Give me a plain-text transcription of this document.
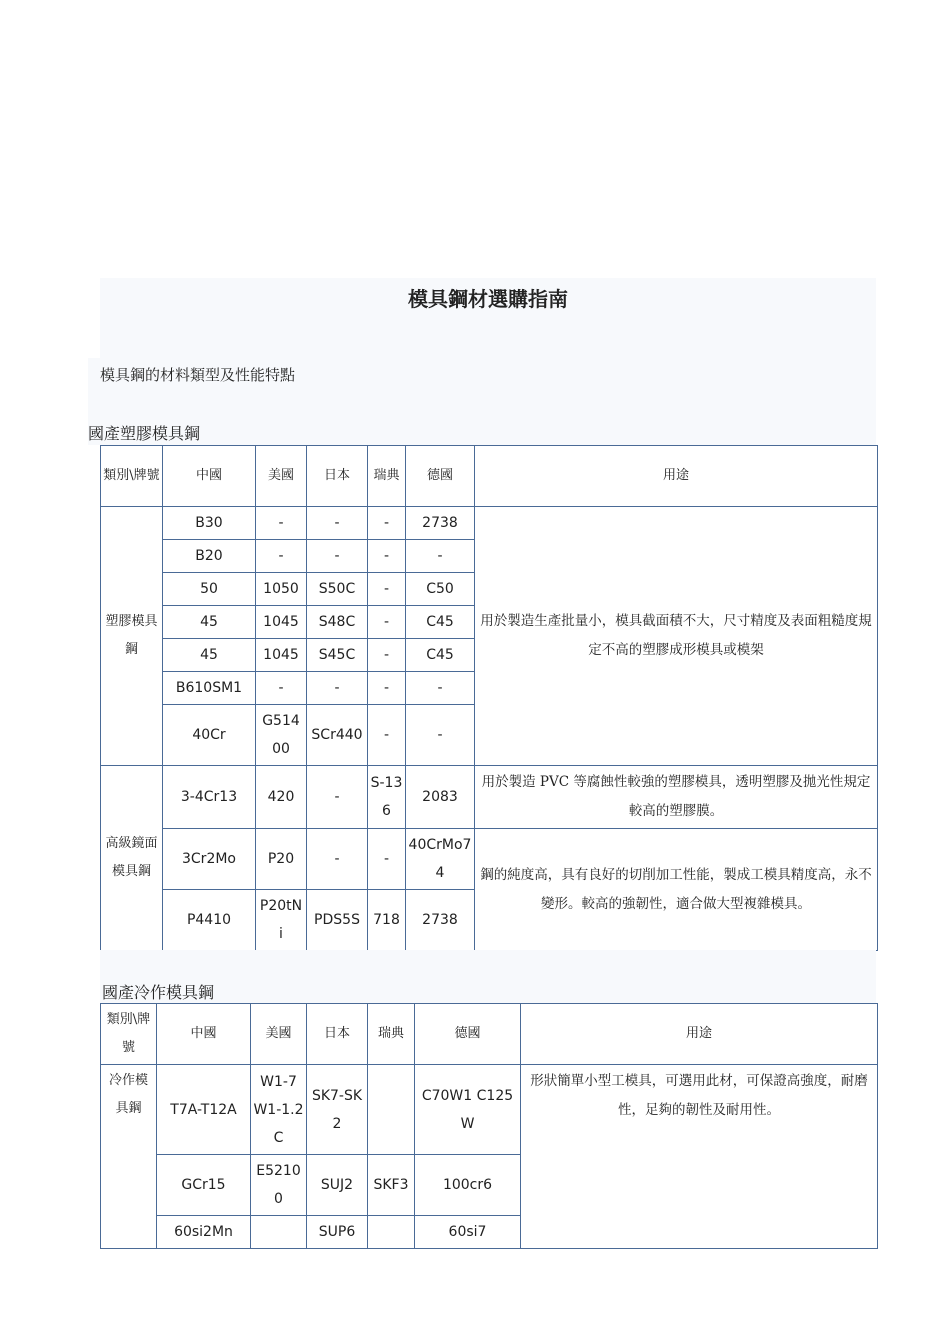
模具鋼材選購指南
模具鋼的材料類型及性能特點
國產塑膠模具鋼
類別\牌號	中國	美國	日本	瑞典	德國	用途
塑膠模具鋼	B30	-	-	-	2738	用於製造生產批量小，模具截面積不大，尺寸精度及表面粗糙度規定不高的塑膠成形模具或模架
	B20	-	-	-	-	
	50	1050	S50C	-	C50	
	45	1045	S48C	-	C45	
	45	1045	S45C	-	C45	
	B610SM1	-	-	-	-	
	40Cr	G51400	SCr440	-	-	
高級鏡面模具鋼	3-4Cr13	420	-	S-136	2083	用於製造 PVC 等腐蝕性較強的塑膠模具，透明塑膠及拋光性規定較高的塑膠膜。
	3Cr2Mo	P20	-	-	40CrMo74	鋼的純度高，具有良好的切削加工性能，製成工模具精度高，永不變形。較高的強韌性，適合做大型複雜模具。
	P4410	P20tNi	PDS5S	718	2738	
國產冷作模具鋼
類別\牌號	中國	美國	日本	瑞典	德國	用途
冷作模具鋼	T7A-T12A	W1-7 W1-1.2C	SK7-SK2		C70W1 C125W	形狀簡單小型工模具，可選用此材，可保證高強度，耐磨性，足夠的韌性及耐用性。
	GCr15	E52100	SUJ2	SKF3	100cr6	
	60si2Mn		SUP6		60si7	
